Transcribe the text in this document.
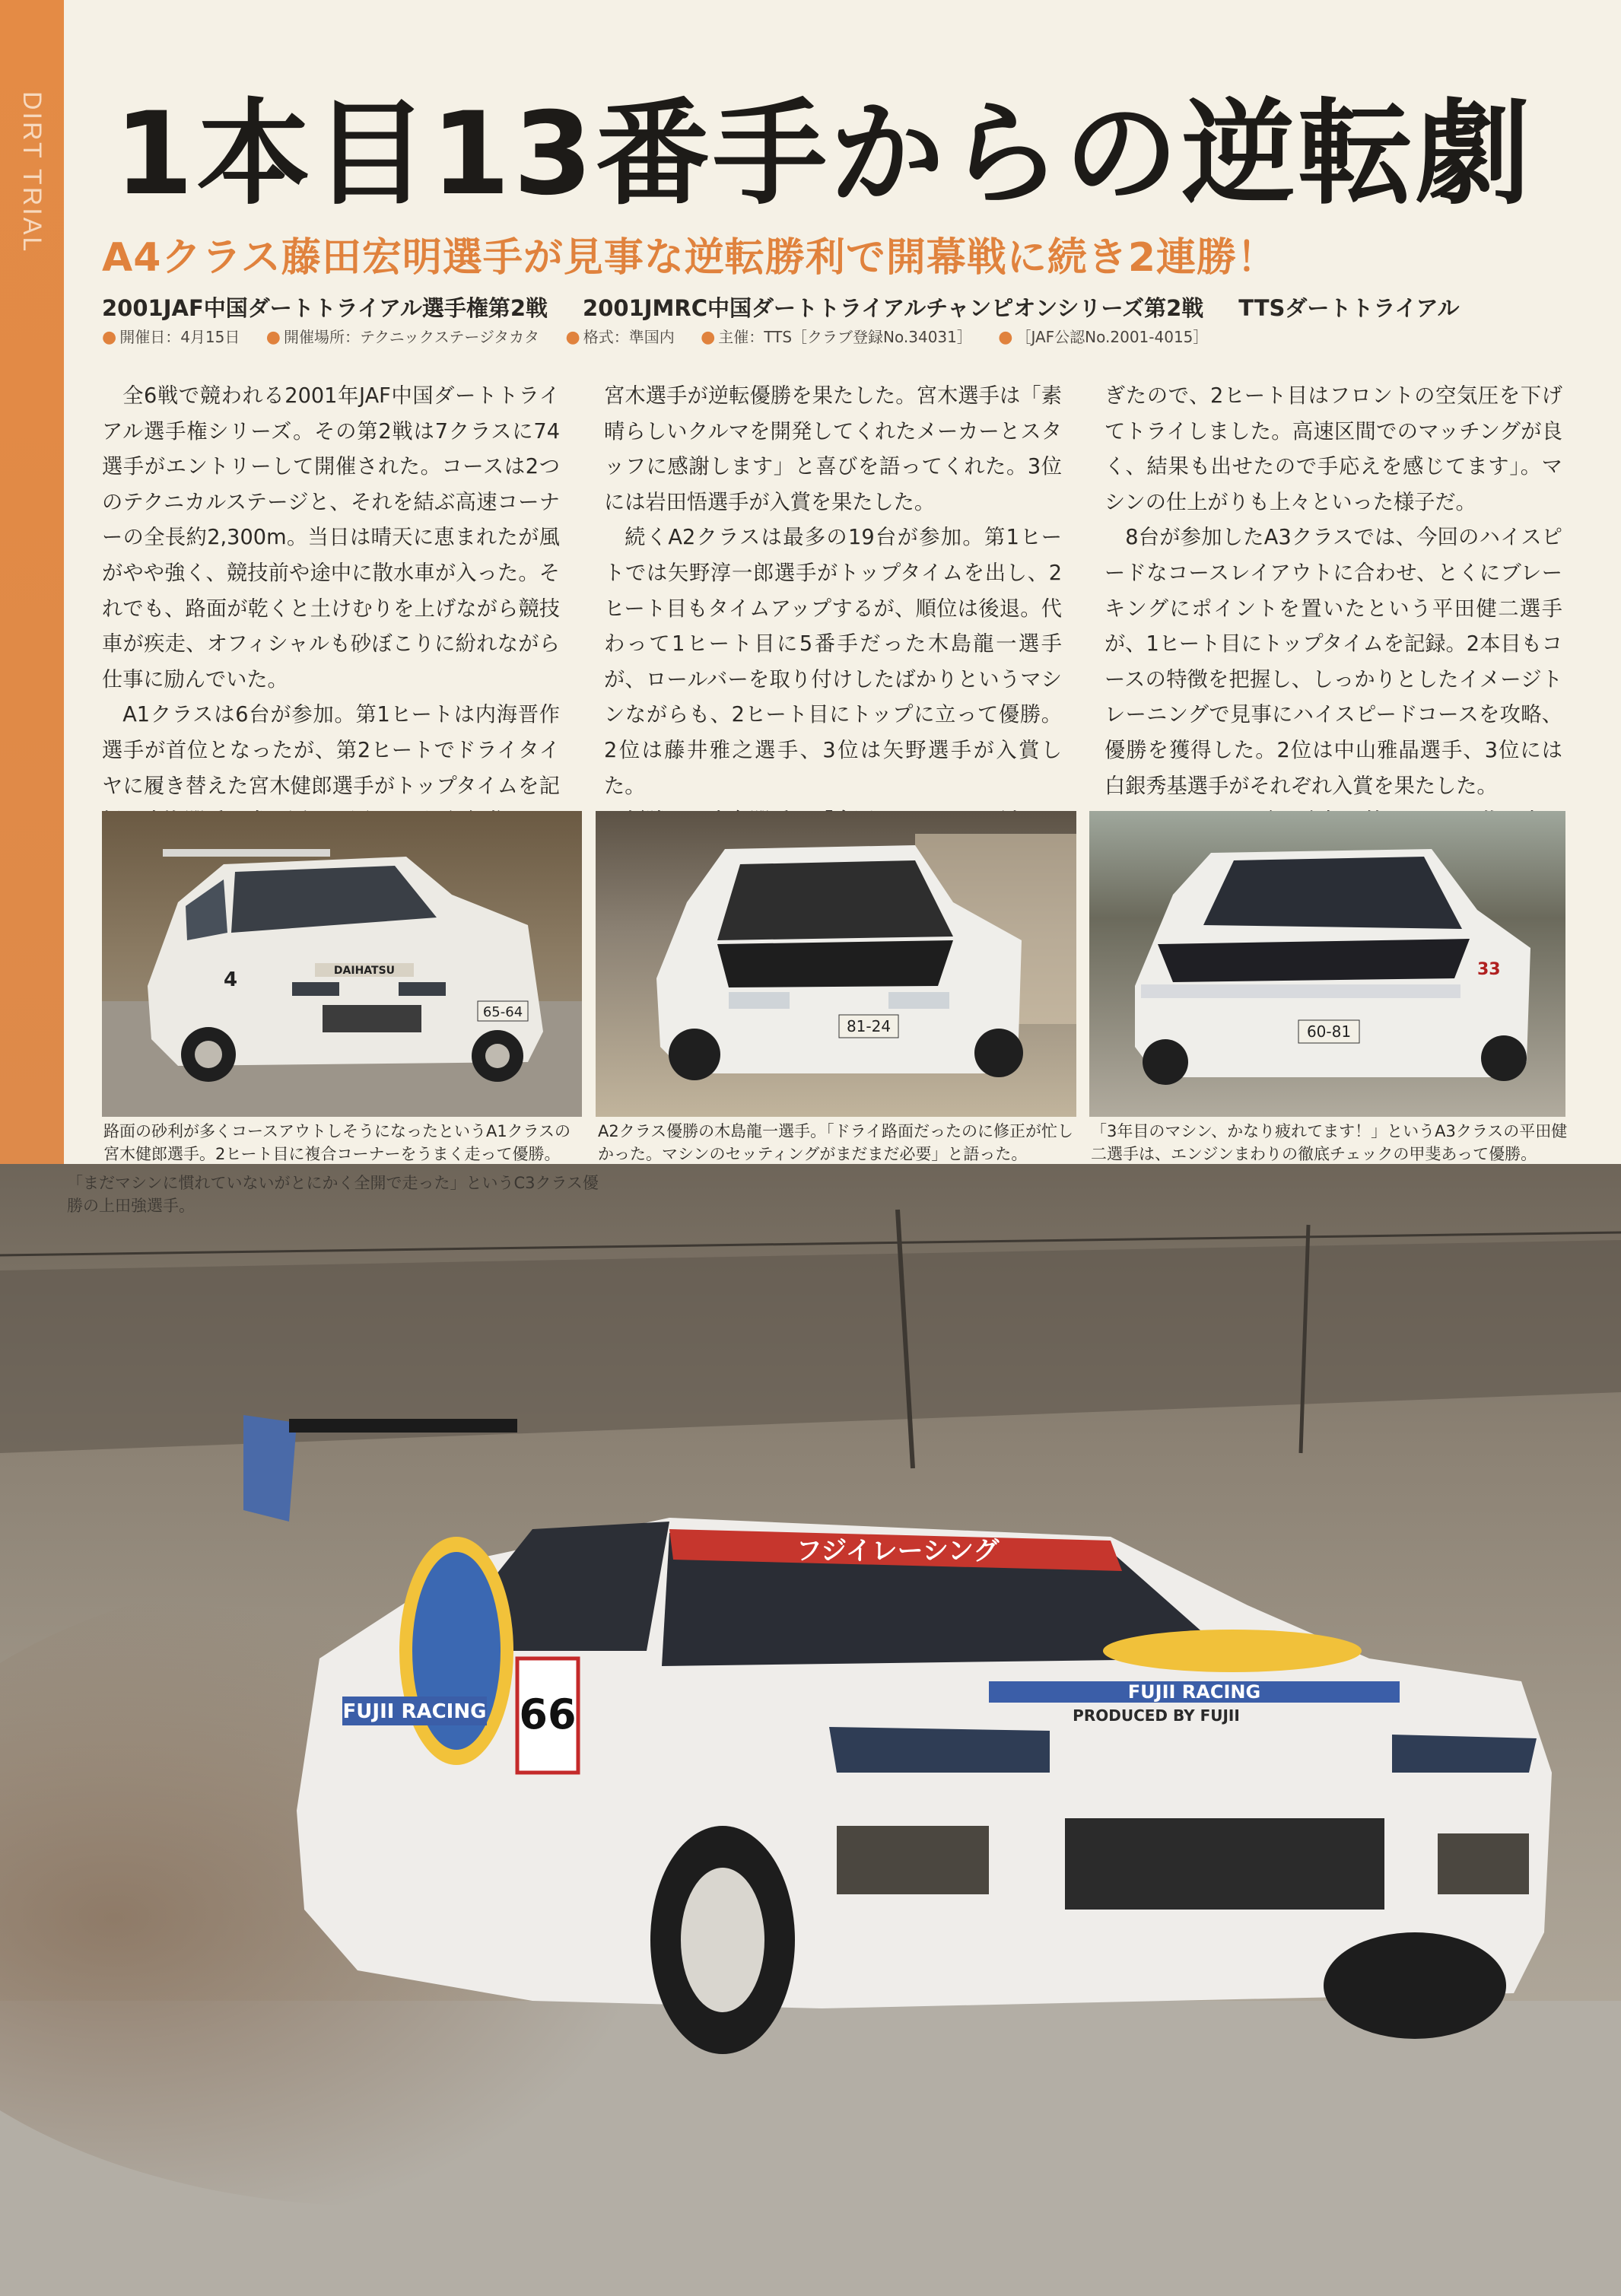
DIRT TRIAL 1本目13番手からの逆転劇
A4クラス藤田宏明選手が見事な逆転勝利で開幕戦に続き2連勝！
2001JAF中国ダートトライアル選手権第2戦 2001JMRC中国ダートトライアルチャンピオンシリーズ第2戦 TTSダートトライアル
● 開催日：4月15日 ● 開催場所：テクニックステージタカタ ● 格式：準国内 ● 主催：TTS［クラブ登録No.34031］ ● ［JAF公認No.2001-4015］

全6戦で競われる2001年JAF中国ダートトライアル選手権シリーズ。その第2戦は7クラスに74選手がエントリーして開催された。コースは2つのテクニカルステージと、それを結ぶ高速コーナーの全長約2,300m。当日は晴天に恵まれたが風がやや強く、競技前や途中に散水車が入った。それでも、路面が乾くと土けむりを上げながら競技車が疾走、オフィシャルも砂ぼこりに紛れながら仕事に励んでいた。

A1クラスは6台が参加。第1ヒートは内海晋作選手が首位となったが、第2ヒートでドライタイヤに履き替えた宮木健郎選手がトップタイムを記

宮木選手が逆転優勝を果たした。宮木選手は「素晴らしいクルマを開発してくれたメーカーとスタッフに感謝します」と喜びを語ってくれた。3位には岩田悟選手が入賞を果たした。

続くA2クラスは最多の19台が参加。第1ヒートでは矢野淳一郎選手がトップタイムを出し、2ヒート目もタイムアップするが、順位は後退。代わって1ヒート目に5番手だった木島龍一選手が、ロールバーを取り付けしたばかりというマシンながらも、2ヒート目にトップに立って優勝。2位は藤井雅之選手、3位は矢野選手が入賞した。

ぎたので、2ヒート目はフロントの空気圧を下げてトライしました。高速区間でのマッチングが良く、結果も出せたので手応えを感じてます」。マシンの仕上がりも上々といった様子だ。

8台が参加したA3クラスでは、今回のハイスピードなコースレイアウトに合わせ、とくにブレーキングにポイントを置いたという平田健二選手が、1ヒート目にトップタイムを記録。2本目もコースの特徴を把握し、しっかりとしたイメージトレーニングで見事にハイスピードコースを攻略、優勝を獲得した。2位は中山雅晶選手、3位には白銀秀基選手がそれぞれ入賞を果たした。

DAIHATSU
65-64
4
81-24	60-81
33
路面の砂利が多くコースアウトしそうになったというA1クラスの宮木健郎選手。2ヒート目に複合コーナーをうまく走って優勝。
A2クラス優勝の木島龍一選手。「ドライ路面だったのに修正が忙しかった。マシンのセッティングがまだまだ必要」と語った。
「3年目のマシン、かなり疲れてます！」というA3クラスの平田健二選手は、エンジンまわりの徹底チェックの甲斐あって優勝。
フジイレーシング
FUJII RACING 66	FUJII RACING
PRODUCED BY FUJII
「まだマシンに慣れていないがとにかく全開で走った」というC3クラス優勝の上田強選手。
